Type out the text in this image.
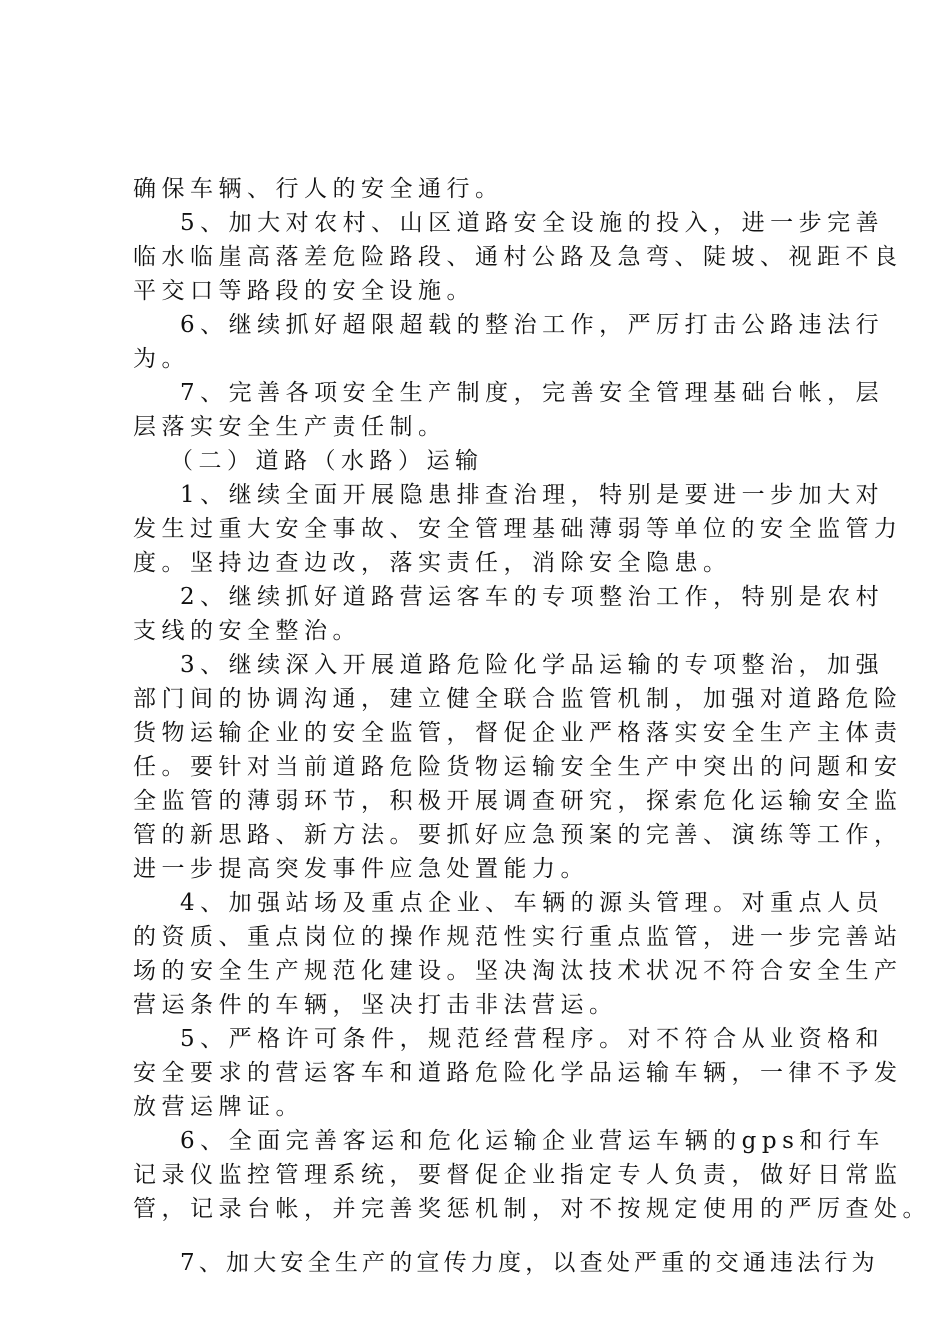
确保车辆、行人的安全通行。
5、加大对农村、山区道路安全设施的投入，进一步完善
临水临崖高落差危险路段、通村公路及急弯、陡坡、视距不良
平交口等路段的安全设施。
6、继续抓好超限超载的整治工作，严厉打击公路违法行
为。
7、完善各项安全生产制度，完善安全管理基础台帐，层
层落实安全生产责任制。
（二）道路（水路）运输
1、继续全面开展隐患排查治理，特别是要进一步加大对
发生过重大安全事故、安全管理基础薄弱等单位的安全监管力
度。坚持边查边改，落实责任，消除安全隐患。
2、继续抓好道路营运客车的专项整治工作，特别是农村
支线的安全整治。
3、继续深入开展道路危险化学品运输的专项整治，加强
部门间的协调沟通，建立健全联合监管机制，加强对道路危险
货物运输企业的安全监管，督促企业严格落实安全生产主体责
任。要针对当前道路危险货物运输安全生产中突出的问题和安
全监管的薄弱环节，积极开展调查研究，探索危化运输安全监
管的新思路、新方法。要抓好应急预案的完善、演练等工作，
进一步提高突发事件应急处置能力。
4、加强站场及重点企业、车辆的源头管理。对重点人员
的资质、重点岗位的操作规范性实行重点监管，进一步完善站
场的安全生产规范化建设。坚决淘汰技术状况不符合安全生产
营运条件的车辆，坚决打击非法营运。
5、严格许可条件，规范经营程序。对不符合从业资格和
安全要求的营运客车和道路危险化学品运输车辆，一律不予发
放营运牌证。
6、全面完善客运和危化运输企业营运车辆的gps和行车
记录仪监控管理系统，要督促企业指定专人负责，做好日常监
管，记录台帐，并完善奖惩机制，对不按规定使用的严厉查处。
7、加大安全生产的宣传力度，以查处严重的交通违法行为
